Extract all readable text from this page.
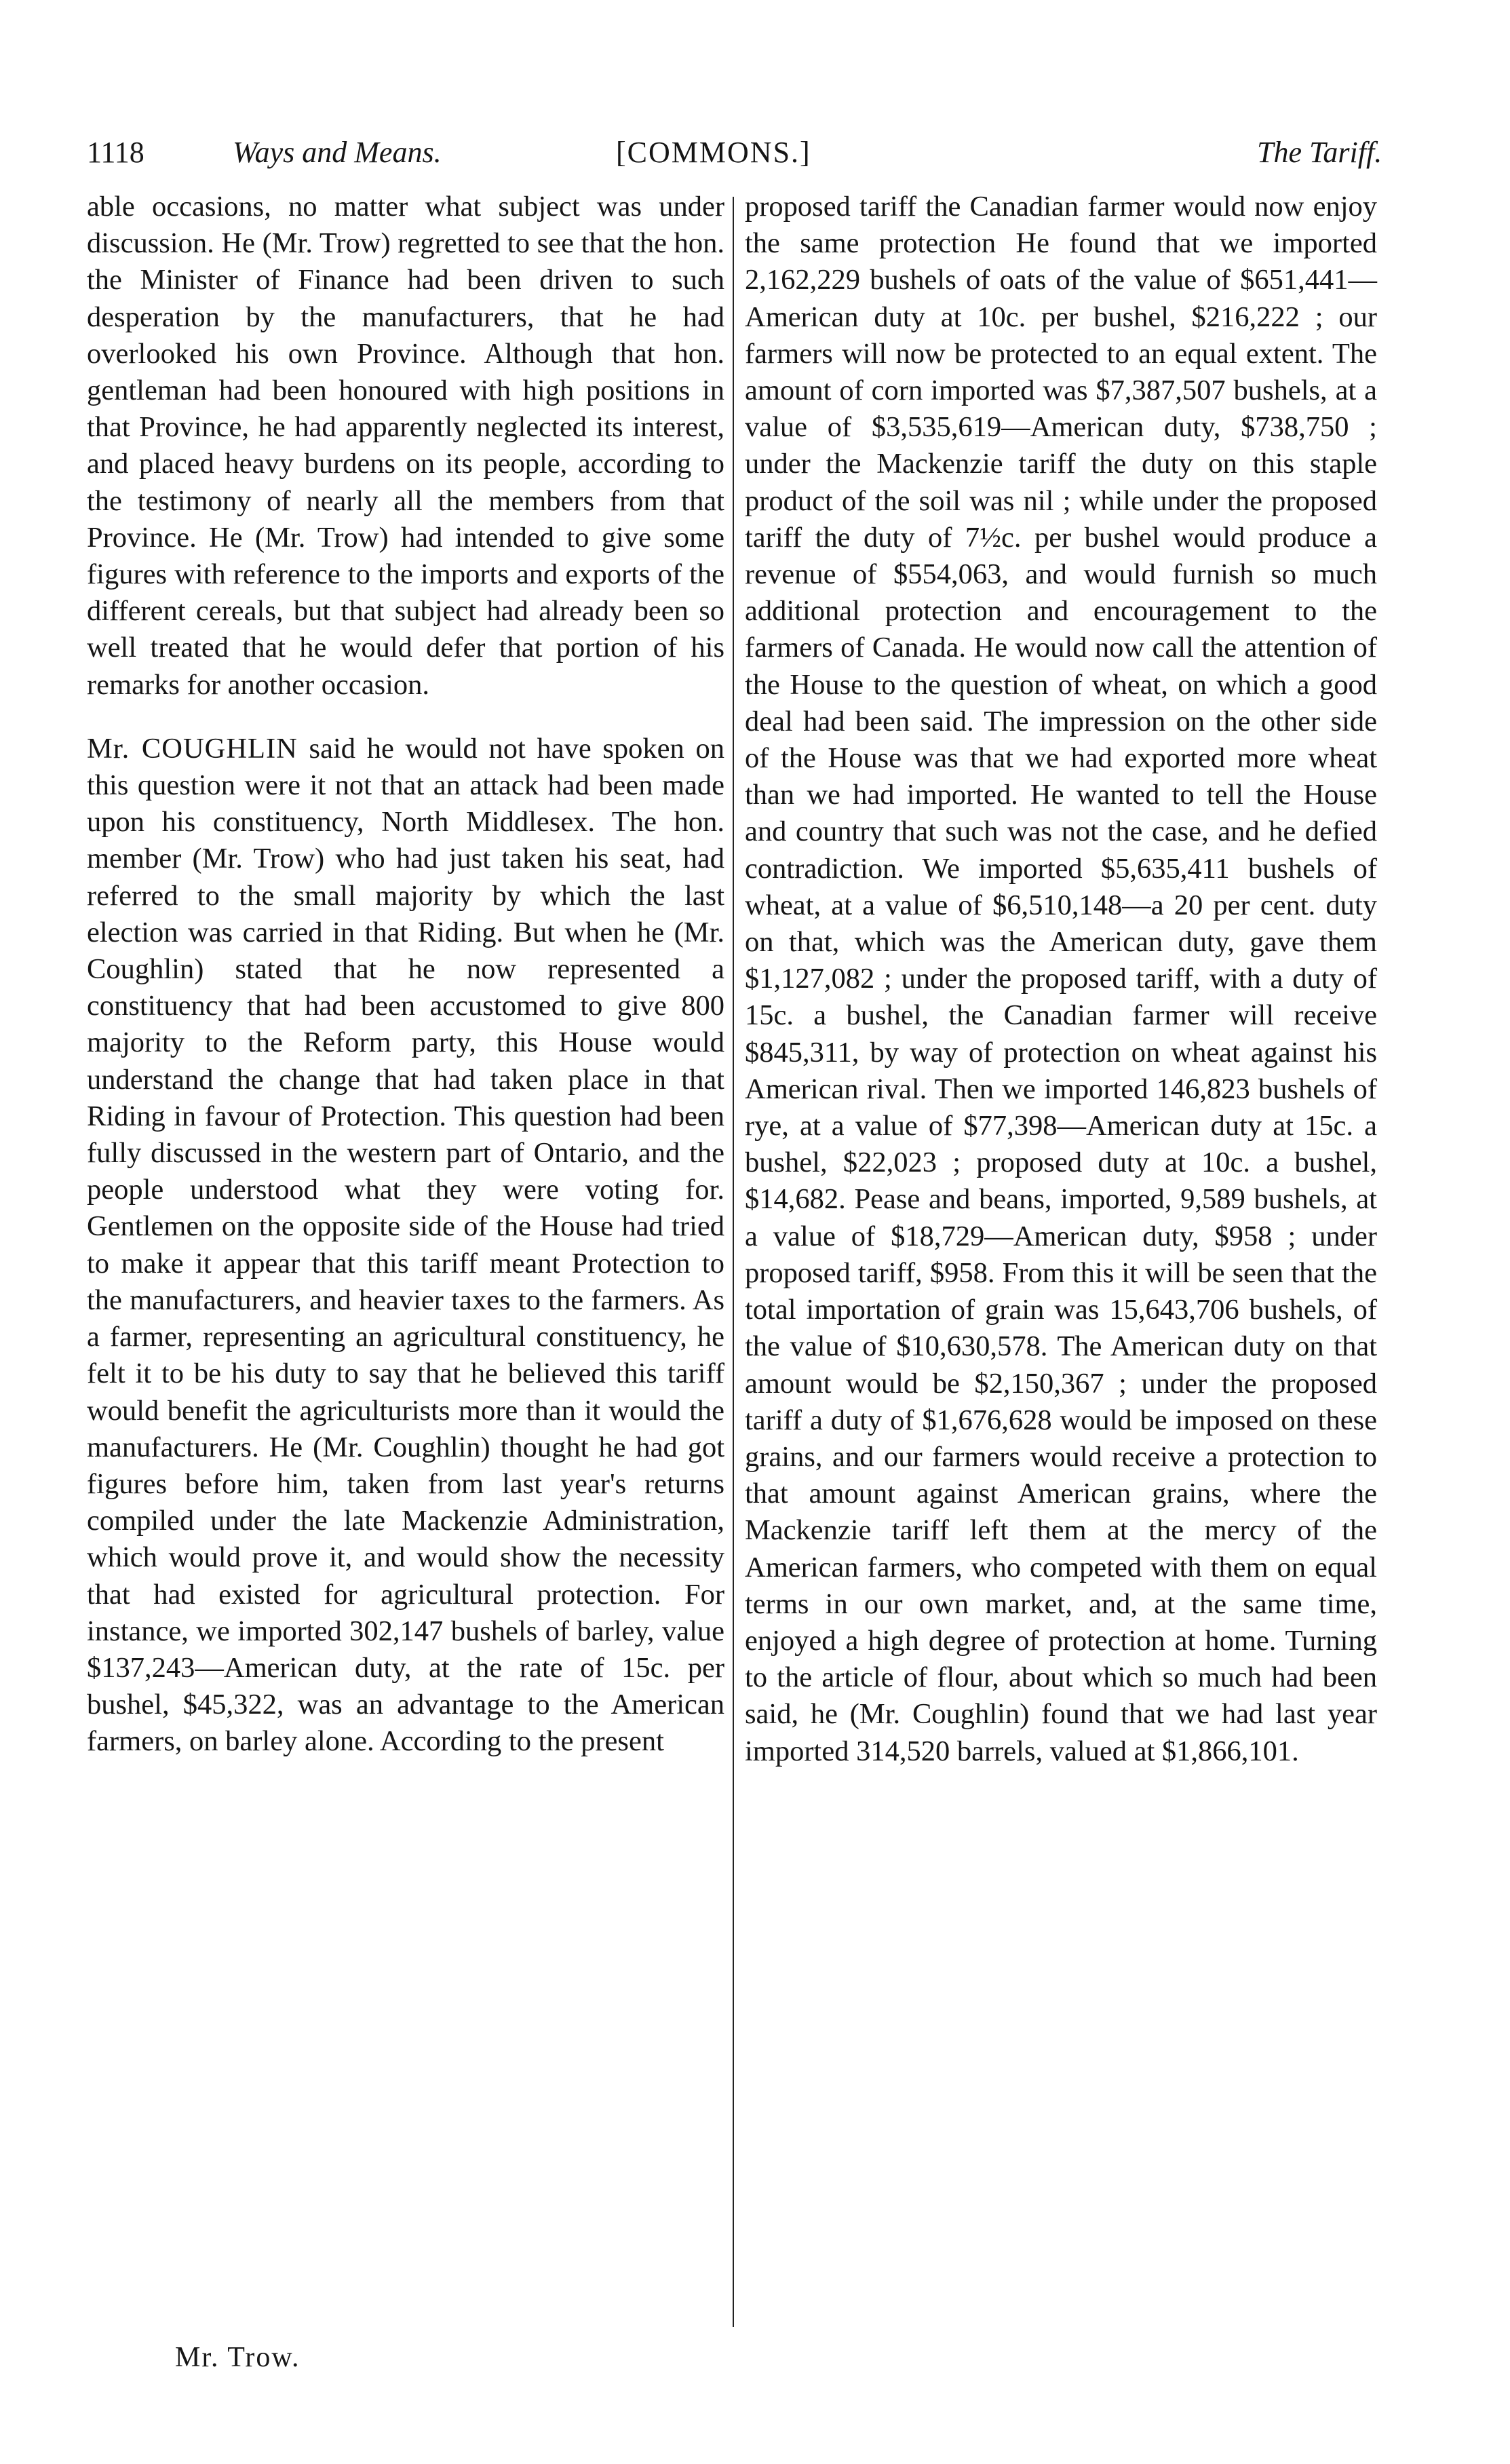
1118	Ways and Means.	[COMMONS.]	The Tariff.

able occasions, no matter what subject was under discussion. He (Mr. Trow) regretted to see that the hon. the Minister of Finance had been driven to such desperation by the manufacturers, that he had overlooked his own Province. Although that hon. gentleman had been honoured with high positions in that Province, he had apparently neglected its interest, and placed heavy burdens on its people, according to the testimony of nearly all the members from that Province. He (Mr. Trow) had intended to give some figures with reference to the imports and exports of the different cereals, but that subject had already been so well treated that he would defer that portion of his remarks for another occasion.

Mr. COUGHLIN said he would not have spoken on this question were it not that an attack had been made upon his constituency, North Middlesex. The hon. member (Mr. Trow) who had just taken his seat, had referred to the small majority by which the last election was carried in that Riding. But when he (Mr. Coughlin) stated that he now represented a constituency that had been accustomed to give 800 majority to the Reform party, this House would understand the change that had taken place in that Riding in favour of Protection. This question had been fully discussed in the western part of Ontario, and the people understood what they were voting for. Gentlemen on the opposite side of the House had tried to make it appear that this tariff meant Protection to the manufacturers, and heavier taxes to the farmers. As a farmer, representing an agricultural constituency, he felt it to be his duty to say that he believed this tariff would benefit the agriculturists more than it would the manufacturers. He (Mr. Coughlin) thought he had got figures before him, taken from last year's returns compiled under the late Mackenzie Administration, which would prove it, and would show the necessity that had existed for agricultural protection. For instance, we imported 302,147 bushels of barley, value $137,243—American duty, at the rate of 15c. per bushel, $45,322, was an advantage to the American farmers, on barley alone. According to the present

proposed tariff the Canadian farmer would now enjoy the same protection He found that we imported 2,162,229 bushels of oats of the value of $651,441—American duty at 10c. per bushel, $216,222 ; our farmers will now be protected to an equal extent. The amount of corn imported was $7,387,507 bushels, at a value of $3,535,619—American duty, $738,750 ; under the Mackenzie tariff the duty on this staple product of the soil was nil ; while under the proposed tariff the duty of 7½c. per bushel would produce a revenue of $554,063, and would furnish so much additional protection and encouragement to the farmers of Canada. He would now call the attention of the House to the question of wheat, on which a good deal had been said. The impression on the other side of the House was that we had exported more wheat than we had imported. He wanted to tell the House and country that such was not the case, and he defied contradiction. We imported $5,635,411 bushels of wheat, at a value of $6,510,148—a 20 per cent. duty on that, which was the American duty, gave them $1,127,082 ; under the proposed tariff, with a duty of 15c. a bushel, the Canadian farmer will receive $845,311, by way of protection on wheat against his American rival. Then we imported 146,823 bushels of rye, at a value of $77,398—American duty at 15c. a bushel, $22,023 ; proposed duty at 10c. a bushel, $14,682. Pease and beans, imported, 9,589 bushels, at a value of $18,729—American duty, $958 ; under proposed tariff, $958. From this it will be seen that the total importation of grain was 15,643,706 bushels, of the value of $10,630,578. The American duty on that amount would be $2,150,367 ; under the proposed tariff a duty of $1,676,628 would be imposed on these grains, and our farmers would receive a protection to that amount against American grains, where the Mackenzie tariff left them at the mercy of the American farmers, who competed with them on equal terms in our own market, and, at the same time, enjoyed a high degree of protection at home. Turning to the article of flour, about which so much had been said, he (Mr. Coughlin) found that we had last year imported 314,520 barrels, valued at $1,866,101.

Mr. Trow.
